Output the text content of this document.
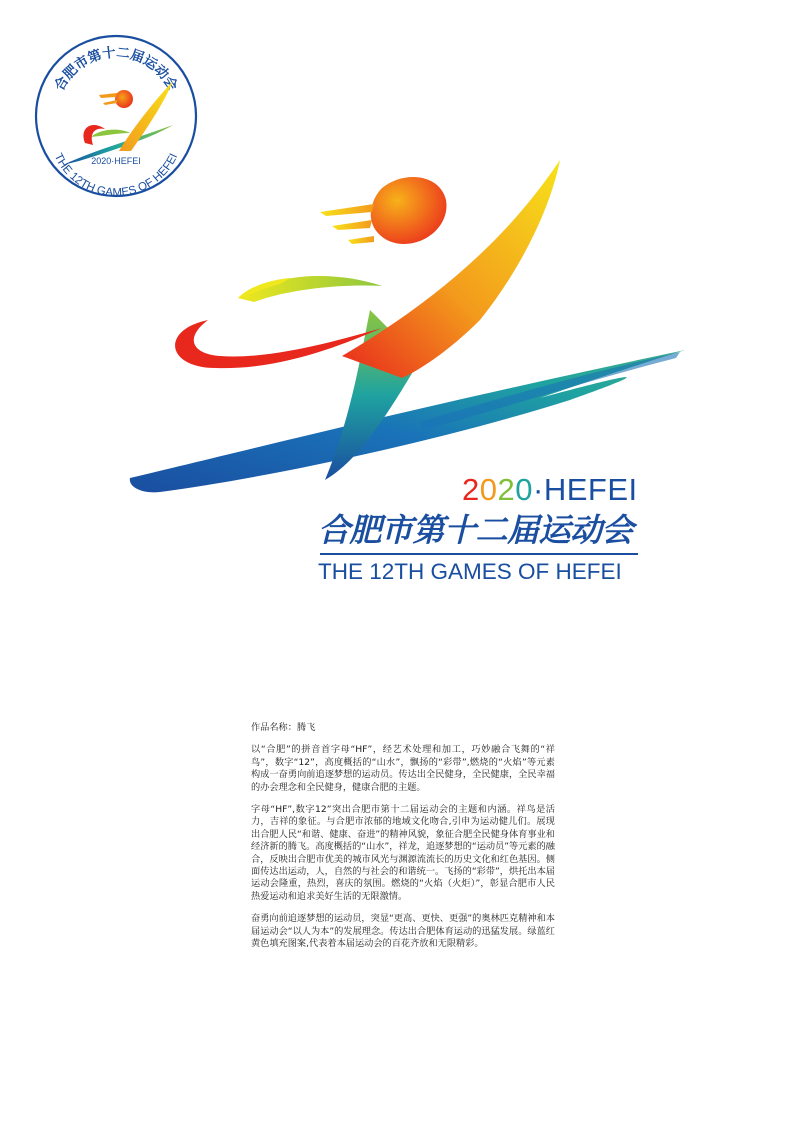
合肥市第十二届运动会
2020·HEFEI
THE 12TH GAMES OF HEFEI
2020·HEFEI
合肥市第十二届运动会
THE 12TH GAMES OF HEFEI
作品名称：腾飞

以“合肥”的拼音首字母“HF”，经艺术处理和加工，巧妙融合飞舞的“祥鸟”，数字“12”，高度概括的“山水”，飘扬的“彩带”,燃烧的“火焰”等元素构成一奋勇向前追逐梦想的运动员。传达出全民健身，全民健康，全民幸福的办会理念和全民健身，健康合肥的主题。

字母“HF”,数字12”突出合肥市第十二届运动会的主题和内涵。祥鸟是活力，吉祥的象征。与合肥市浓郁的地域文化吻合,引申为运动健儿们。展现出合肥人民“和谐、健康、奋进”的精神风貌，象征合肥全民健身体育事业和经济新的腾飞。高度概括的“山水”，祥龙，追逐梦想的“运动员”等元素的融合，反映出合肥市优美的城市风光与渊源流流长的历史文化和红色基因。侧面传达出运动，人，自然的与社会的和谐统一。飞扬的“彩带”，烘托出本届运动会隆重，热烈，喜庆的氛围。燃烧的“火焰（火炬）”，彰显合肥市人民热爱运动和追求美好生活的无限激情。

奋勇向前追逐梦想的运动员，突显“更高、更快、更强”的奥林匹克精神和本届运动会“以人为本”的发展理念。传达出合肥体育运动的迅猛发展。绿蓝红黄色填充图案,代表着本届运动会的百花齐放和无限精彩。
